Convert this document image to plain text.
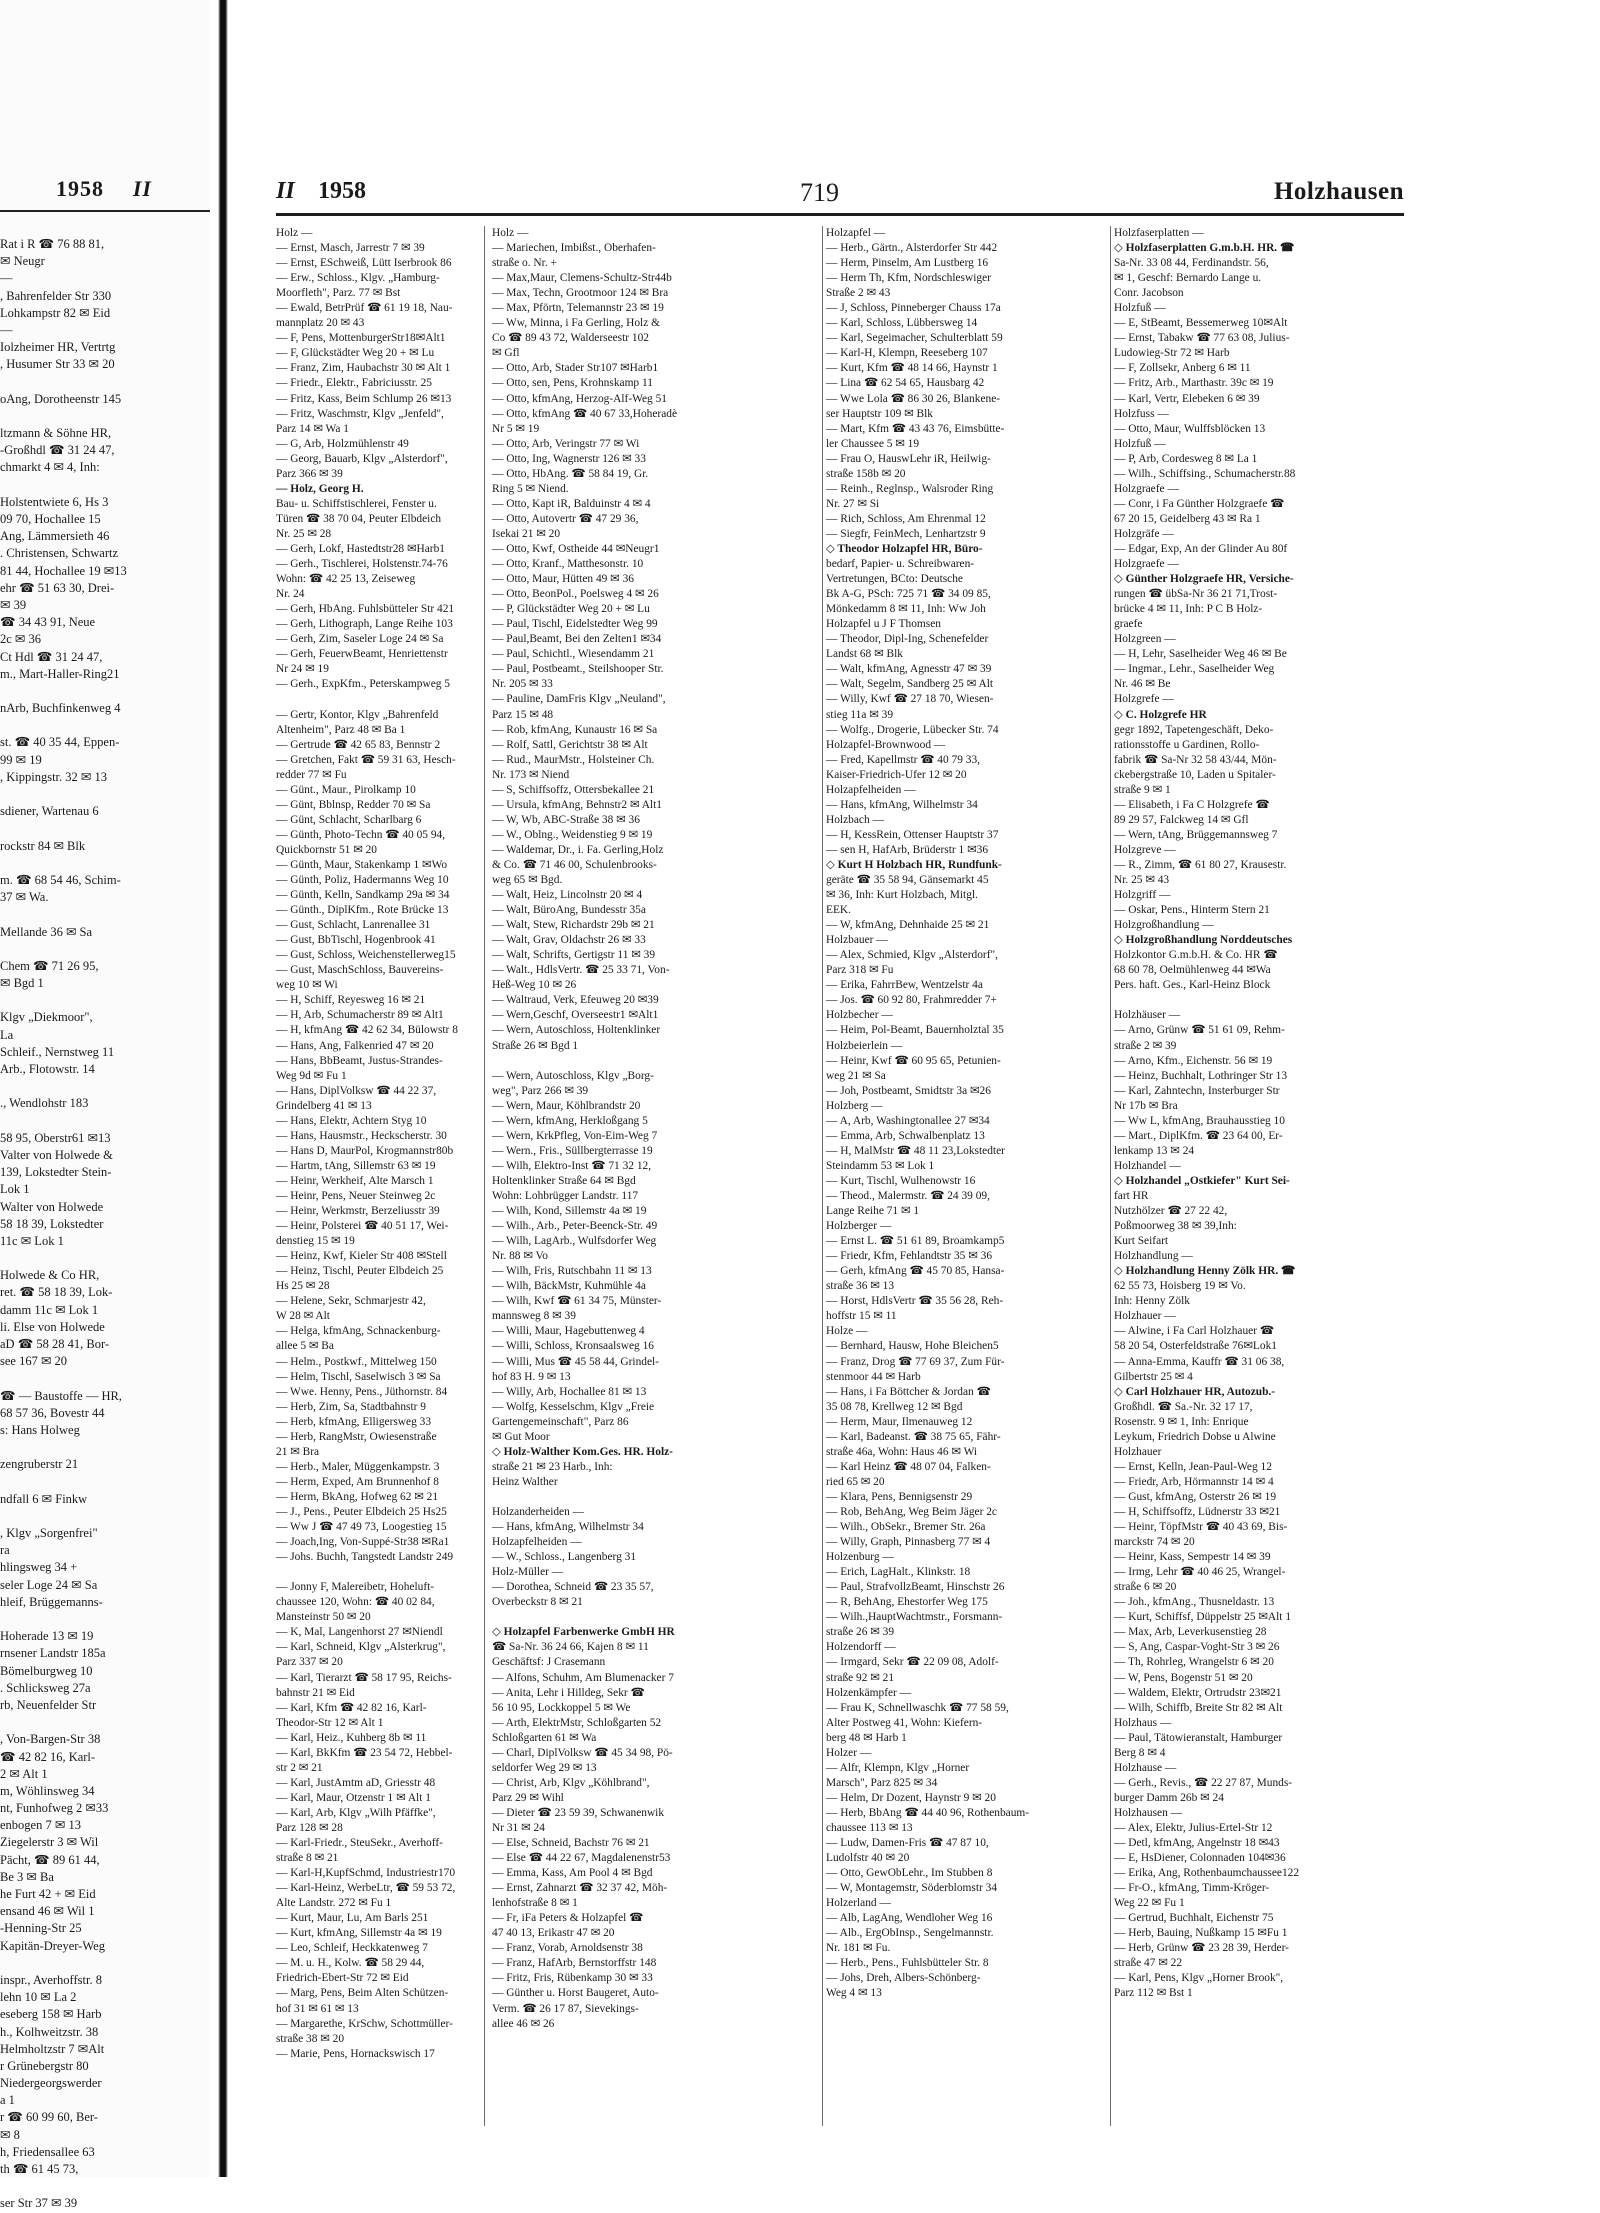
1958 II
Rat i R ☎ 76 88 81,
✉ Neugr
—
, Bahrenfelder Str 330
Lohkampstr 82 ✉ Eid
—
Iolzheimer HR, Vertrtg
, Husumer Str 33 ✉ 20
oAng, Dorotheenstr 145
ltzmann & Söhne HR,
-Großhdl ☎ 31 24 47,
chmarkt 4 ✉ 4, Inh:
Holstentwiete 6, Hs 3
09 70, Hochallee 15
Ang, Lämmersieth 46
. Christensen, Schwartz
81 44, Hochallee 19 ✉13
ehr ☎ 51 63 30, Drei-
✉ 39
☎ 34 43 91, Neue
2c ✉ 36
Ct Hdl ☎ 31 24 47,
m., Mart-Haller-Ring21
nArb, Buchfinkenweg 4
st. ☎ 40 35 44, Eppen-
99 ✉ 19
, Kippingstr. 32 ✉ 13
sdiener, Wartenau 6
rockstr 84 ✉ Blk
m. ☎ 68 54 46, Schim-
37 ✉ Wa.
Mellande 36 ✉ Sa
Chem ☎ 71 26 95,
✉ Bgd 1
Klgv „Diekmoor",
La
Schleif., Nernstweg 11
Arb., Flotowstr. 14
., Wendlohstr 183
58 95, Oberstr61 ✉13
Valter von Holwede &
139, Lokstedter Stein-
Lok 1
Walter von Holwede
58 18 39, Lokstedter
11c ✉ Lok 1
Holwede & Co HR,
ret. ☎ 58 18 39, Lok-
damm 11c ✉ Lok 1
li. Else von Holwede
aD ☎ 58 28 41, Bor-
see 167 ✉ 20
☎ — Baustoffe — HR,
68 57 36, Bovestr 44
s: Hans Holweg
zengruberstr 21
ndfall 6 ✉ Finkw
, Klgv „Sorgenfrei"
ra
hlingsweg 34 +
seler Loge 24 ✉ Sa
hleif, Brüggemanns-
Hoherade 13 ✉ 19
rnsener Landstr 185a
Bömelburgweg 10
. Schlicksweg 27a
rb, Neuenfelder Str
, Von-Bargen-Str 38
☎ 42 82 16, Karl-
2 ✉ Alt 1
m, Wöhlinsweg 34
nt, Funhofweg 2 ✉33
enbogen 7 ✉ 13
Ziegelerstr 3 ✉ Wil
Pächt, ☎ 89 61 44,
Be 3 ✉ Ba
he Furt 42 + ✉ Eid
ensand 46 ✉ Wil 1
-Henning-Str 25
Kapitän-Dreyer-Weg
inspr., Averhoffstr. 8
lehn 10 ✉ La 2
eseberg 158 ✉ Harb
h., Kolhweitzstr. 38
Helmholtzstr 7 ✉Alt
r Grünebergstr 80
Niedergeorgswerder
a 1
r ☎ 60 99 60, Ber-
✉ 8
h, Friedensallee 63
th ☎ 61 45 73,
ser Str 37 ✉ 39
II 1958	719	Holzhausen
Holz —
— Ernst, Masch, Jarrestr 7 ✉ 39
— Ernst, ESchweiß, Lütt Iserbrook 86
— Erw., Schloss., Klgv. „Hamburg-
Moorfleth", Parz. 77 ✉ Bst
— Ewald, BetrPrüf ☎ 61 19 18, Nau-
mannplatz 20 ✉ 43
— F, Pens, MottenburgerStr18✉Alt1
— F, Glückstädter Weg 20 + ✉ Lu
— Franz, Zim, Haubachstr 30 ✉ Alt 1
— Friedr., Elektr., Fabriciusstr. 25
— Fritz, Kass, Beim Schlump 26 ✉13
— Fritz, Waschmstr, Klgv „Jenfeld",
Parz 14 ✉ Wa 1
— G, Arb, Holzmühlenstr 49
— Georg, Bauarb, Klgv „Alsterdorf",
Parz 366 ✉ 39
— Holz, Georg H.
Bau- u. Schiffstischlerei, Fenster u.
Türen ☎ 38 70 04, Peuter Elbdeich
Nr. 25 ✉ 28
— Gerh, Lokf, Hastedtstr28 ✉Harb1
— Gerh., Tischlerei, Holstenstr.74-76
Wohn: ☎ 42 25 13, Zeiseweg
Nr. 24
— Gerh, HbAng. Fuhlsbütteler Str 421
— Gerh, Lithograph, Lange Reihe 103
— Gerh, Zim, Saseler Loge 24 ✉ Sa
— Gerh, FeuerwBeamt, Henriettenstr
Nr 24 ✉ 19
— Gerh., ExpKfm., Peterskampweg 5
— Gertr, Kontor, Klgv „Bahrenfeld
Altenheim", Parz 48 ✉ Ba 1
— Gertrude ☎ 42 65 83, Bennstr 2
— Gretchen, Fakt ☎ 59 31 63, Hesch-
redder 77 ✉ Fu
— Günt., Maur., Pirolkamp 10
— Günt, Bblnsp, Redder 70 ✉ Sa
— Günt, Schlacht, Scharlbarg 6
— Günth, Photo-Techn ☎ 40 05 94,
Quickbornstr 51 ✉ 20
— Günth, Maur, Stakenkamp 1 ✉Wo
— Günth, Poliz, Hadermanns Weg 10
— Günth, Kelln, Sandkamp 29a ✉ 34
— Günth., DiplKfm., Rote Brücke 13
— Gust, Schlacht, Lanrenallee 31
— Gust, BbTischl, Hogenbrook 41
— Gust, Schloss, Weichenstellerweg15
— Gust, MaschSchloss, Bauvereins-
weg 10 ✉ Wi
— H, Schiff, Reyesweg 16 ✉ 21
— H, Arb, Schumacherstr 89 ✉ Alt1
— H, kfmAng ☎ 42 62 34, Bülowstr 8
— Hans, Ang, Falkenried 47 ✉ 20
— Hans, BbBeamt, Justus-Strandes-
Weg 9d ✉ Fu 1
— Hans, DiplVolksw ☎ 44 22 37,
Grindelberg 41 ✉ 13
— Hans, Elektr, Achtern Styg 10
— Hans, Hausmstr., Heckscherstr. 30
— Hans D, MaurPol, Krogmannstr80b
— Hartm, tAng, Sillemstr 63 ✉ 19
— Heinr, Werkheif, Alte Marsch 1
— Heinr, Pens, Neuer Steinweg 2c
— Heinr, Werkmstr, Berzeliusstr 39
— Heinr, Polsterei ☎ 40 51 17, Wei-
denstieg 15 ✉ 19
— Heinz, Kwf, Kieler Str 408 ✉Stell
— Heinz, Tischl, Peuter Elbdeich 25
Hs 25 ✉ 28
— Helene, Sekr, Schmarjestr 42,
W 28 ✉ Alt
— Helga, kfmAng, Schnackenburg-
allee 5 ✉ Ba
— Helm., Postkwf., Mittelweg 150
— Helm, Tischl, Saselwisch 3 ✉ Sa
— Wwe. Henny, Pens., Jüthornstr. 84
— Herb, Zim, Sa, Stadtbahnstr 9
— Herb, kfmAng, Elligersweg 33
— Herb, RangMstr, Owiesenstraße
21 ✉ Bra
— Herb., Maler, Müggenkampstr. 3
— Herm, Exped, Am Brunnenhof 8
— Herm, BkAng, Hofweg 62 ✉ 21
— J., Pens., Peuter Elbdeich 25 Hs25
— Ww J ☎ 47 49 73, Loogestieg 15
— Joach,Ing, Von-Suppé-Str38 ✉Ra1
— Johs. Buchh, Tangstedt Landstr 249
— Jonny F, Malereibetr, Hoheluft-
chaussee 120, Wohn: ☎ 40 02 84,
Mansteinstr 50 ✉ 20
— K, Mal, Langenhorst 27 ✉Niendl
— Karl, Schneid, Klgv „Alsterkrug",
Parz 337 ✉ 20
— Karl, Tierarzt ☎ 58 17 95, Reichs-
bahnstr 21 ✉ Eid
— Karl, Kfm ☎ 42 82 16, Karl-
Theodor-Str 12 ✉ Alt 1
— Karl, Heiz., Kuhberg 8b ✉ 11
— Karl, BkKfm ☎ 23 54 72, Hebbel-
str 2 ✉ 21
— Karl, JustAmtm aD, Griesstr 48
— Karl, Maur, Otzenstr 1 ✉ Alt 1
— Karl, Arb, Klgv „Wilh Pfäffke",
Parz 128 ✉ 28
— Karl-Friedr., SteuSekr., Averhoff-
straße 8 ✉ 21
— Karl-H,KupfSchmd, Industriestr170
— Karl-Heinz, WerbeLtr, ☎ 59 53 72,
Alte Landstr. 272 ✉ Fu 1
— Kurt, Maur, Lu, Am Barls 251
— Kurt, kfmAng, Sillemstr 4a ✉ 19
— Leo, Schleif, Heckkatenweg 7
— M. u. H., Kolw. ☎ 58 29 44,
Friedrich-Ebert-Str 72 ✉ Eid
— Marg, Pens, Beim Alten Schützen-
hof 31 ✉ 61 ✉ 13
— Margarethe, KrSchw, Schottmüller-
straße 38 ✉ 20
— Marie, Pens, Hornackswisch 17
Holz —
— Mariechen, Imbißst., Oberhafen-
straße o. Nr. +
— Max,Maur, Clemens-Schultz-Str44b
— Max, Techn, Grootmoor 124 ✉ Bra
— Max, Pförtn, Telemannstr 23 ✉ 19
— Ww, Minna, i Fa Gerling, Holz &
Co ☎ 89 43 72, Walderseestr 102
✉ Gfl
— Otto, Arb, Stader Str107 ✉Harb1
— Otto, sen, Pens, Krohnskamp 11
— Otto, kfmAng, Herzog-Alf-Weg 51
— Otto, kfmAng ☎ 40 67 33,Hoheradè
Nr 5 ✉ 19
— Otto, Arb, Veringstr 77 ✉ Wi
— Otto, Ing, Wagnerstr 126 ✉ 33
— Otto, HbAng. ☎ 58 84 19, Gr.
Ring 5 ✉ Niend.
— Otto, Kapt iR, Balduinstr 4 ✉ 4
— Otto, Autovertr ☎ 47 29 36,
Isekai 21 ✉ 20
— Otto, Kwf, Ostheide 44 ✉Neugr1
— Otto, Kranf., Matthesonstr. 10
— Otto, Maur, Hütten 49 ✉ 36
— Otto, BeonPol., Poelsweg 4 ✉ 26
— P, Glückstädter Weg 20 + ✉ Lu
— Paul, Tischl, Eidelstedter Weg 99
— Paul,Beamt, Bei den Zelten1 ✉34
— Paul, Schichtl., Wiesendamm 21
— Paul, Postbeamt., Steilshooper Str.
Nr. 205 ✉ 33
— Pauline, DamFris Klgv „Neuland",
Parz 15 ✉ 48
— Rob, kfmAng, Kunaustr 16 ✉ Sa
— Rolf, Sattl, Gerichtstr 38 ✉ Alt
— Rud., MaurMstr., Holsteiner Ch.
Nr. 173 ✉ Niend
— S, Schiffsoffz, Ottersbekallee 21
— Ursula, kfmAng, Behnstr2 ✉ Alt1
— W, Wb, ABC-Straße 38 ✉ 36
— W., Oblng., Weidenstieg 9 ✉ 19
— Waldemar, Dr., i. Fa. Gerling,Holz
& Co. ☎ 71 46 00, Schulenbrooks-
weg 65 ✉ Bgd.
— Walt, Heiz, Lincolnstr 20 ✉ 4
— Walt, BüroAng, Bundesstr 35a
— Walt, Stew, Richardstr 29b ✉ 21
— Walt, Grav, Oldachstr 26 ✉ 33
— Walt, Schrifts, Gertigstr 11 ✉ 39
— Walt., HdlsVertr. ☎ 25 33 71, Von-
Heß-Weg 10 ✉ 26
— Waltraud, Verk, Efeuweg 20 ✉39
— Wern,Geschf, Overseestr1 ✉Alt1
— Wern, Autoschloss, Holtenklinker
Straße 26 ✉ Bgd 1
— Wern, Autoschloss, Klgv „Borg-
weg", Parz 266 ✉ 39
— Wern, Maur, Köhlbrandstr 20
— Wern, kfmAng, Herkloßgang 5
— Wern, KrkPfleg, Von-Eim-Weg 7
— Wern., Fris., Süllbergterrasse 19
— Wilh, Elektro-Inst ☎ 71 32 12,
Holtenklinker Straße 64 ✉ Bgd
Wohn: Lohbrügger Landstr. 117
— Wilh, Kond, Sillemstr 4a ✉ 19
— Wilh., Arb., Peter-Beenck-Str. 49
— Wilh, LagArb., Wulfsdorfer Weg
Nr. 88 ✉ Vo
— Wilh, Fris, Rutschbahn 11 ✉ 13
— Wilh, BäckMstr, Kuhmühle 4a
— Wilh, Kwf ☎ 61 34 75, Münster-
mannsweg 8 ✉ 39
— Willi, Maur, Hagebuttenweg 4
— Willi, Schloss, Kronsaalsweg 16
— Willi, Mus ☎ 45 58 44, Grindel-
hof 83 H. 9 ✉ 13
— Willy, Arb, Hochallee 81 ✉ 13
— Wolfg, Kesselschm, Klgv „Freie
Gartengemeinschaft", Parz 86
✉ Gut Moor
◇ Holz-Walther Kom.Ges. HR. Holz-
straße 21 ✉ 23 Harb., Inh:
Heinz Walther
Holzanderheiden —
— Hans, kfmAng, Wilhelmstr 34
Holzapfelheiden —
— W., Schloss., Langenberg 31
Holz-Müller —
— Dorothea, Schneid ☎ 23 35 57,
Overbeckstr 8 ✉ 21
◇ Holzapfel Farbenwerke GmbH HR
☎ Sa-Nr. 36 24 66, Kajen 8 ✉ 11
Geschäftsf: J Crasemann
— Alfons, Schuhm, Am Blumenacker 7
— Anita, Lehr i Hilldeg, Sekr ☎
56 10 95, Lockkoppel 5 ✉ We
— Arth, ElektrMstr, Schloßgarten 52
Schloßgarten 61 ✉ Wa
— Charl, DiplVolksw ☎ 45 34 98, Pö-
seldorfer Weg 29 ✉ 13
— Christ, Arb, Klgv „Köhlbrand",
Parz 29 ✉ Wihl
— Dieter ☎ 23 59 39, Schwanenwik
Nr 31 ✉ 24
— Else, Schneid, Bachstr 76 ✉ 21
— Else ☎ 44 22 67, Magdalenenstr53
— Emma, Kass, Am Pool 4 ✉ Bgd
— Ernst, Zahnarzt ☎ 32 37 42, Möh-
lenhofstraße 8 ✉ 1
— Fr, iFa Peters & Holzapfel ☎
47 40 13, Erikastr 47 ✉ 20
— Franz, Vorab, Arnoldsenstr 38
— Franz, HafArb, Bernstorffstr 148
— Fritz, Fris, Rübenkamp 30 ✉ 33
— Günther u. Horst Baugeret, Auto-
Verm. ☎ 26 17 87, Sievekings-
allee 46 ✉ 26
Holzapfel —
— Herb., Gärtn., Alsterdorfer Str 442
— Herm, Pinselm, Am Lustberg 16
— Herm Th, Kfm, Nordschleswiger
Straße 2 ✉ 43
— J, Schloss, Pinneberger Chauss 17a
— Karl, Schloss, Lübbersweg 14
— Karl, Segeimacher, Schulterblatt 59
— Karl-H, Klempn, Reeseberg 107
— Kurt, Kfm ☎ 48 14 66, Haynstr 1
— Lina ☎ 62 54 65, Hausbarg 42
— Wwe Lola ☎ 86 30 26, Blankene-
ser Hauptstr 109 ✉ Blk
— Mart, Kfm ☎ 43 43 76, Eimsbütte-
ler Chaussee 5 ✉ 19
— Frau O, HauswLehr iR, Heilwig-
straße 158b ✉ 20
— Reinh., Reglnsp., Walsroder Ring
Nr. 27 ✉ Si
— Rich, Schloss, Am Ehrenmal 12
— Siegfr, FeinMech, Lenhartzstr 9
◇ Theodor Holzapfel HR, Büro-
bedarf, Papier- u. Schreibwaren-
Vertretungen, BCto: Deutsche
Bk A-G, PSch: 725 71 ☎ 34 09 85,
Mönkedamm 8 ✉ 11, Inh: Ww Joh
Holzapfel u J F Thomsen
— Theodor, Dipl-Ing, Schenefelder
Landst 68 ✉ Blk
— Walt, kfmAng, Agnesstr 47 ✉ 39
— Walt, Segelm, Sandberg 25 ✉ Alt
— Willy, Kwf ☎ 27 18 70, Wiesen-
stieg 11a ✉ 39
— Wolfg., Drogerie, Lübecker Str. 74
Holzapfel-Brownwood —
— Fred, Kapellmstr ☎ 40 79 33,
Kaiser-Friedrich-Ufer 12 ✉ 20
Holzapfelheiden —
— Hans, kfmAng, Wilhelmstr 34
Holzbach —
— H, KessRein, Ottenser Hauptstr 37
— sen H, HafArb, Brüderstr 1 ✉36
◇ Kurt H Holzbach HR, Rundfunk-
geräte ☎ 35 58 94, Gänsemarkt 45
✉ 36, Inh: Kurt Holzbach, Mitgl.
EEK.
— W, kfmAng, Dehnhaide 25 ✉ 21
Holzbauer —
— Alex, Schmied, Klgv „Alsterdorf",
Parz 318 ✉ Fu
— Erika, FahrrBew, Wentzelstr 4a
— Jos. ☎ 60 92 80, Frahmredder 7+
Holzbecher —
— Heim, Pol-Beamt, Bauernholztal 35
Holzbeierlein —
— Heinr, Kwf ☎ 60 95 65, Petunien-
weg 21 ✉ Sa
— Joh, Postbeamt, Smidtstr 3a ✉26
Holzberg —
— A, Arb, Washingtonallee 27 ✉34
— Emma, Arb, Schwalbenplatz 13
— H, MalMstr ☎ 48 11 23,Lokstedter
Steindamm 53 ✉ Lok 1
— Kurt, Tischl, Wulhenowstr 16
— Theod., Malermstr. ☎ 24 39 09,
Lange Reihe 71 ✉ 1
Holzberger —
— Ernst L. ☎ 51 61 89, Broamkamp5
— Friedr, Kfm, Fehlandtstr 35 ✉ 36
— Gerh, kfmAng ☎ 45 70 85, Hansa-
straße 36 ✉ 13
— Horst, HdlsVertr ☎ 35 56 28, Reh-
hoffstr 15 ✉ 11
Holze —
— Bernhard, Hausw, Hohe Bleichen5
— Franz, Drog ☎ 77 69 37, Zum Für-
stenmoor 44 ✉ Harb
— Hans, i Fa Böttcher & Jordan ☎
35 08 78, Krellweg 12 ✉ Bgd
— Herm, Maur, Ilmenauweg 12
— Karl, Badeanst. ☎ 38 75 65, Fähr-
straße 46a, Wohn: Haus 46 ✉ Wi
— Karl Heinz ☎ 48 07 04, Falken-
ried 65 ✉ 20
— Klara, Pens, Bennigsenstr 29
— Rob, BehAng, Weg Beim Jäger 2c
— Wilh., ObSekr., Bremer Str. 26a
— Willy, Graph, Pinnasberg 77 ✉ 4
Holzenburg —
— Erich, LagHalt., Klinkstr. 18
— Paul, StrafvollzBeamt, Hinschstr 26
— R, BehAng, Ehestorfer Weg 175
— Wilh.,HauptWachtmstr., Forsmann-
straße 26 ✉ 39
Holzendorff —
— Irmgard, Sekr ☎ 22 09 08, Adolf-
straße 92 ✉ 21
Holzenkämpfer —
— Frau K, Schnellwaschk ☎ 77 58 59,
Alter Postweg 41, Wohn: Kiefern-
berg 48 ✉ Harb 1
Holzer —
— Alfr, Klempn, Klgv „Horner
Marsch", Parz 825 ✉ 34
— Helm, Dr Dozent, Haynstr 9 ✉ 20
— Herb, BbAng ☎ 44 40 96, Rothenbaum-
chaussee 113 ✉ 13
— Ludw, Damen-Fris ☎ 47 87 10,
Ludolfstr 40 ✉ 20
— Otto, GewObLehr., Im Stubben 8
— W, Montagemstr, Söderblomstr 34
Holzerland —
— Alb, LagAng, Wendloher Weg 16
— Alb., ErgObInsp., Sengelmannstr.
Nr. 181 ✉ Fu.
— Herb., Pens., Fuhlsbütteler Str. 8
— Johs, Dreh, Albers-Schönberg-
Weg 4 ✉ 13
Holzfaserplatten —
◇ Holzfaserplatten G.m.b.H. HR. ☎
Sa-Nr. 33 08 44, Ferdinandstr. 56,
✉ 1, Geschf: Bernardo Lange u.
Conr. Jacobson
Holzfuß —
— E, StBeamt, Bessemerweg 10✉Alt
— Ernst, Tabakw ☎ 77 63 08, Julius-
Ludowieg-Str 72 ✉ Harb
— F, Zollsekr, Anberg 6 ✉ 11
— Fritz, Arb., Marthastr. 39c ✉ 19
— Karl, Vertr, Elebeken 6 ✉ 39
Holzfuss —
— Otto, Maur, Wulffsblöcken 13
Holzfuß —
— P, Arb, Cordesweg 8 ✉ La 1
— Wilh., Schiffsing., Schumacherstr.88
Holzgraefe —
— Conr, i Fa Günther Holzgraefe ☎
67 20 15, Geidelberg 43 ✉ Ra 1
Holzgräfe —
— Edgar, Exp, An der Glinder Au 80f
Holzgraefe —
◇ Günther Holzgraefe HR, Versiche-
rungen ☎ übSa-Nr 36 21 71,Trost-
brücke 4 ✉ 11, Inh: P C B Holz-
graefe
Holzgreen —
— H, Lehr, Saselheider Weg 46 ✉ Be
— Ingmar., Lehr., Saselheider Weg
Nr. 46 ✉ Be
Holzgrefe —
◇ C. Holzgrefe HR
gegr 1892, Tapetengeschäft, Deko-
rationsstoffe u Gardinen, Rollo-
fabrik ☎ Sa-Nr 32 58 43/44, Mön-
ckebergstraße 10, Laden u Spitaler-
straße 9 ✉ 1
— Elisabeth, i Fa C Holzgrefe ☎
89 29 57, Falckweg 14 ✉ Gfl
— Wern, tAng, Brüggemannsweg 7
Holzgreve —
— R., Zimm, ☎ 61 80 27, Krausestr.
Nr. 25 ✉ 43
Holzgriff —
— Oskar, Pens., Hinterm Stern 21
Holzgroßhandlung —
◇ Holzgroßhandlung Norddeutsches
Holzkontor G.m.b.H. & Co. HR ☎
68 60 78, Oelmühlenweg 44 ✉Wa
Pers. haft. Ges., Karl-Heinz Block
Holzhäuser —
— Arno, Grünw ☎ 51 61 09, Rehm-
straße 2 ✉ 39
— Arno, Kfm., Eichenstr. 56 ✉ 19
— Heinz, Buchhalt, Lothringer Str 13
— Karl, Zahntechn, Insterburger Str
Nr 17b ✉ Bra
— Ww L, kfmAng, Brauhausstieg 10
— Mart., DiplKfm. ☎ 23 64 00, Er-
lenkamp 13 ✉ 24
Holzhandel —
◇ Holzhandel „Ostkiefer" Kurt Sei-
fart HR
Nutzhölzer ☎ 27 22 42,
Poßmoorweg 38 ✉ 39,Inh:
Kurt Seifart
Holzhandlung —
◇ Holzhandlung Henny Zölk HR. ☎
62 55 73, Hoisberg 19 ✉ Vo.
Inh: Henny Zölk
Holzhauer —
— Alwine, i Fa Carl Holzhauer ☎
58 20 54, Osterfeldstraße 76✉Lok1
— Anna-Emma, Kauffr ☎ 31 06 38,
Gilbertstr 25 ✉ 4
◇ Carl Holzhauer HR, Autozub.-
Großhdl. ☎ Sa.-Nr. 32 17 17,
Rosenstr. 9 ✉ 1, Inh: Enrique
Leykum, Friedrich Dobse u Alwine
Holzhauer
— Ernst, Kelln, Jean-Paul-Weg 12
— Friedr, Arb, Hörmannstr 14 ✉ 4
— Gust, kfmAng, Osterstr 26 ✉ 19
— H, Schiffsoffz, Lüdnerstr 33 ✉21
— Heinr, TöpfMstr ☎ 40 43 69, Bis-
marckstr 74 ✉ 20
— Heinr, Kass, Sempestr 14 ✉ 39
— Irmg, Lehr ☎ 40 46 25, Wrangel-
straße 6 ✉ 20
— Joh., kfmAng., Thusneldastr. 13
— Kurt, Schiffsf, Düppelstr 25 ✉Alt 1
— Max, Arb, Leverkusenstieg 28
— S, Ang, Caspar-Voght-Str 3 ✉ 26
— Th, Rohrleg, Wrangelstr 6 ✉ 20
— W, Pens, Bogenstr 51 ✉ 20
— Waldem, Elektr, Ortrudstr 23✉21
— Wilh, Schiffb, Breite Str 82 ✉ Alt
Holzhaus —
— Paul, Tätowieranstalt, Hamburger
Berg 8 ✉ 4
Holzhause —
— Gerh., Revis., ☎ 22 27 87, Munds-
burger Damm 26b ✉ 24
Holzhausen —
— Alex, Elektr, Julius-Ertel-Str 12
— Detl, kfmAng, Angelnstr 18 ✉43
— E, HsDiener, Colonnaden 104✉36
— Erika, Ang, Rothenbaumchaussee122
— Fr-O., kfmAng, Timm-Kröger-
Weg 22 ✉ Fu 1
— Gertrud, Buchhalt, Eichenstr 75
— Herb, Bauing, Nußkamp 15 ✉Fu 1
— Herb, Grünw ☎ 23 28 39, Herder-
straße 47 ✉ 22
— Karl, Pens, Klgv „Horner Brook",
Parz 112 ✉ Bst 1
